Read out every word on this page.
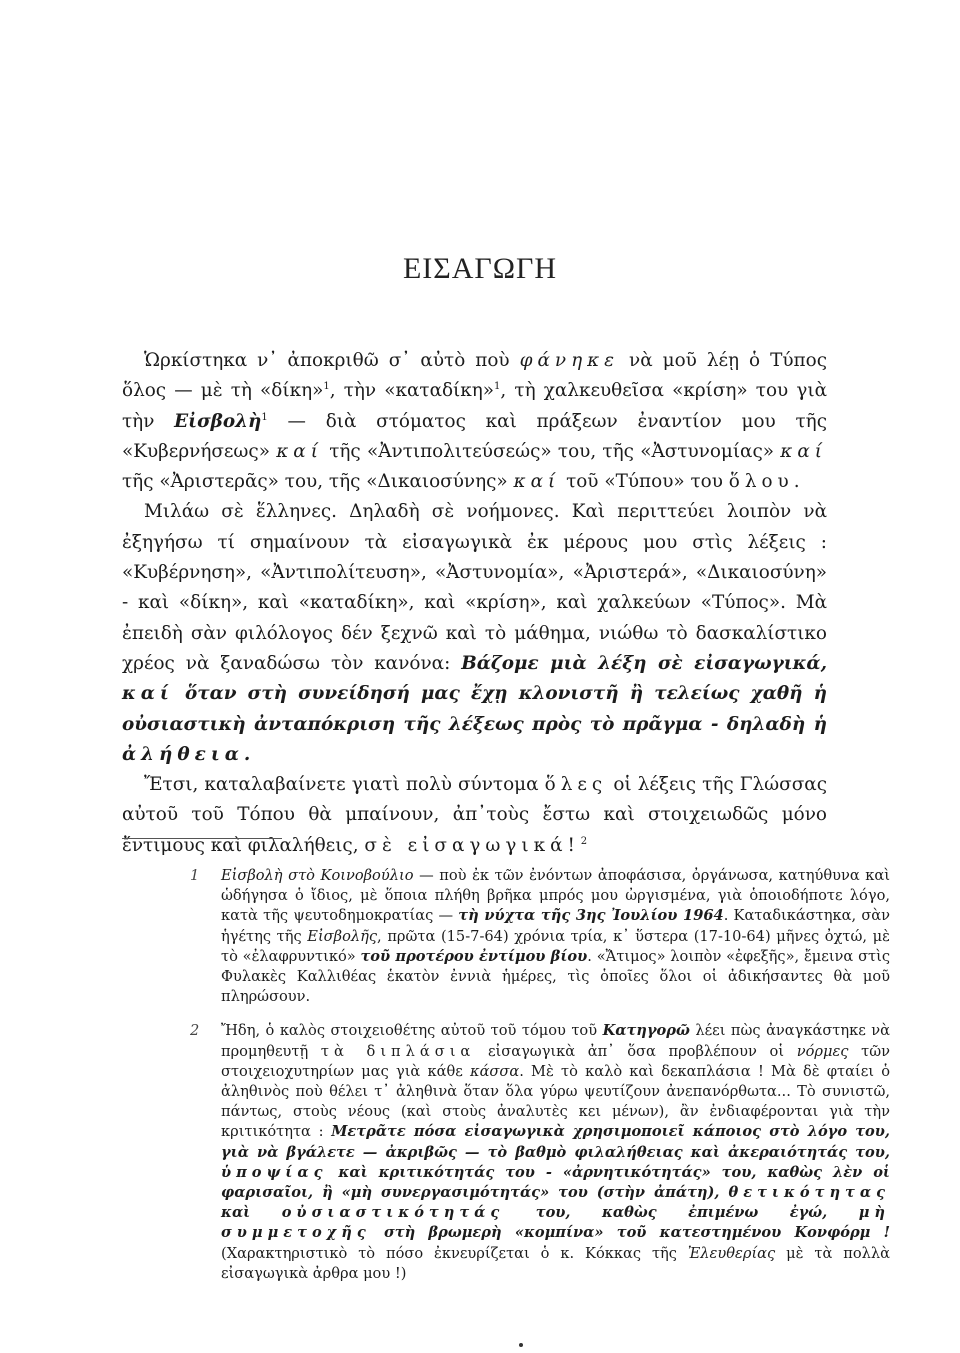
ΕΙΣΑΓΩΓΗ

Ὡρκίστηκα ν᾽ ἀποκριθῶ σ᾽ αὐτὸ ποὺ φάνηκε νὰ μοῦ λέῃ ὁ Τύπος ὅλος — μὲ τὴ «δίκη»$^1$, τὴν «καταδίκη»$^1$, τὴ χαλκευθεῖσα «κρίση» του γιὰ τὴν Εἰσβολὴ$^1$ — διὰ στόματος καὶ πράξεων ἐναντίον μου τῆς «Κυβερνήσεως» καί τῆς «Ἀντιπολιτεύσεώς» του, τῆς «Ἀστυνομίας» καί τῆς «Ἀριστερᾶς» του, τῆς «Δικαιοσύνης» καί τοῦ «Τύπου» του ὅλου.

Μιλάω σὲ ἕλληνες. Δηλαδὴ σὲ νοήμονες. Καὶ περιττεύει λοιπὸν νὰ ἐξηγήσω τί σημαίνουν τὰ εἰσαγωγικὰ ἐκ μέρους μου στὶς λέξεις : «Κυβέρνηση», «Ἀντιπολίτευση», «Ἀστυνομία», «Ἀριστερά», «Δικαιοσύνη» - καὶ «δίκη», καὶ «καταδίκη», καὶ «κρίση», καὶ χαλκεύων «Τύπος». Μὰ ἐπειδὴ σὰν φιλόλογος δέν ξεχνῶ καὶ τὸ μάθημα, νιώθω τὸ δασκαλίστικο χρέος νὰ ξαναδώσω τὸν κανόνα: Βάζομε μιὰ λέξη σὲ εἰσαγωγικά, καί ὅταν στὴ συνείδησή μας ἔχῃ κλονιστῆ ἢ τελείως χαθῆ ἡ οὐσιαστικὴ ἀνταπόκριση τῆς λέξεως πρὸς τὸ πρᾶγμα - δηλαδὴ ἡ ἀλήθεια.

Ἔτσι, καταλαβαίνετε γιατὶ πολὺ σύντομα ὅλες οἱ λέξεις τῆς Γλώσσας αὐτοῦ τοῦ Τόπου θὰ μπαίνουν, ἀπ᾽τοὺς ἔστω καὶ στοιχειωδῶς μόνο ἔντιμους καὶ φιλαλήθεις, σὲ εἰσαγωγικά! $^2$

1 Εἰσβολὴ στὸ Κοινοβούλιο — ποὺ ἐκ τῶν ἐνόντων ἀποφάσισα, ὀργάνωσα, κατηύθυνα καὶ ὡδήγησα ὁ ἴδιος, μὲ ὅποια πλήθη βρῆκα μπρός μου ὠργισμένα, γιὰ ὁποιοδήποτε λόγο, κατὰ τῆς ψευτοδημοκρατίας — τὴ νύχτα τῆς 3ης Ἰουλίου 1964. Καταδικάστηκα, σὰν ἡγέτης τῆς Εἰσβολῆς, πρῶτα (15-7-64) χρόνια τρία, κ᾽ ὕστερα (17-10-64) μῆνες ὀχτώ, μὲ τὸ «ἐλαφρυντικό» τοῦ προτέρου ἐντίμου βίου. «Ἄτιμος» λοιπὸν «ἐφεξῆς», ἔμεινα στὶς Φυλακὲς Καλλιθέας ἑκατὸν ἐννιὰ ἡμέρες, τὶς ὁποῖες ὅλοι οἱ ἀδικήσαντες θὰ μοῦ πληρώσουν.
2 Ἤδη, ὁ καλὸς στοιχειοθέτης αὐτοῦ τοῦ τόμου τοῦ Κατηγορῶ λέει πὼς ἀναγκάστηκε νὰ προμηθευτῇ τὰ διπλάσια εἰσαγωγικὰ ἀπ᾽ ὅσα προβλέπουν οἱ νόρμες τῶν στοιχειοχυτηρίων μας γιὰ κάθε κάσσα. Μὲ τὸ καλὸ καὶ δεκαπλάσια ! Μὰ δὲ φταίει ὁ ἀληθινὸς ποὺ θέλει τ᾽ ἀληθινὰ ὅταν ὅλα γύρω ψευτίζουν ἀνεπανόρθωτα... Τὸ συνιστῶ, πάντως, στοὺς νέους (καὶ στοὺς ἀναλυτὲς κει μένων), ἂν ἐνδιαφέρονται γιὰ τὴν κριτικότητα : Μετρᾶτε πόσα εἰσαγωγικὰ χρησιμοποιεῖ κάποιος στὸ λόγο του, γιὰ νὰ βγάλετε — ἀκριβῶς — τὸ βαθμὸ φιλαλήθειας καὶ ἀκεραιότητάς του, ὑποψίας καὶ κριτικότητάς του - «ἀρνητικότητάς» του, καθὼς λὲν οἱ φαρισαῖοι, ἢ «μὴ συνεργασιμότητάς» του (στὴν ἀπάτη), θετικότητας καὶ οὐσιαστικότητάς του, καθὼς ἐπιμένω ἐγώ, μὴ συμμετοχῆς στὴ βρωμερὴ «κομπίνα» τοῦ κατεστημένου Κονφόρμ ! (Χαρακτηριστικὸ τὸ πόσο ἐκνευρίζεται ὁ κ. Κόκκας τῆς Ἐλευθερίας μὲ τὰ πολλὰ εἰσαγωγικὰ ἀρθρα μου !)
